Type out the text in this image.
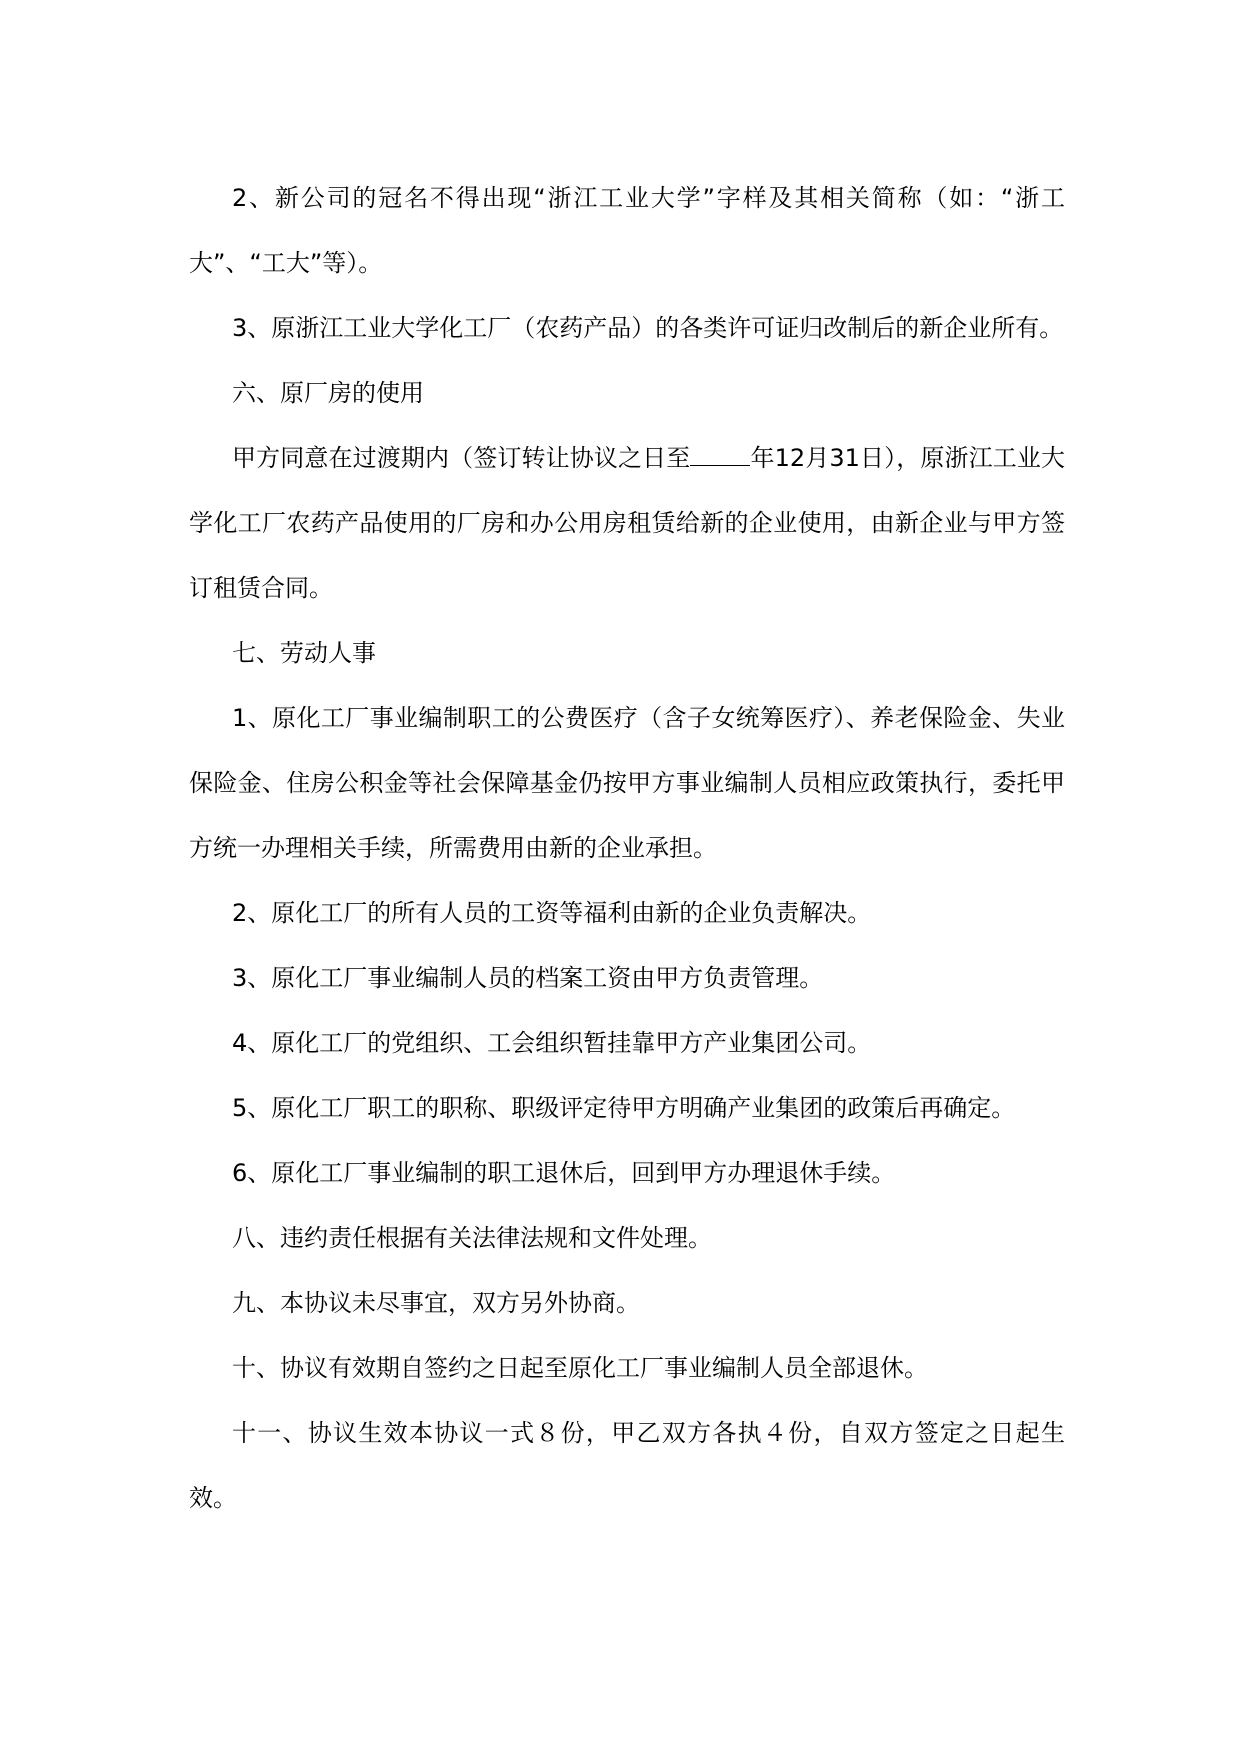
2、新公司的冠名不得出现“浙江工业大学”字样及其相关简称（如：“浙工大”、“工大”等）。

3、原浙江工业大学化工厂（农药产品）的各类许可证归改制后的新企业所有。

六、原厂房的使用

甲方同意在过渡期内（签订转让协议之日至	年12月31日），原浙江工业大学化工厂农药产品使用的厂房和办公用房租赁给新的企业使用，由新企业与甲方签订租赁合同。

七、劳动人事

1、原化工厂事业编制职工的公费医疗（含子女统筹医疗）、养老保险金、失业保险金、住房公积金等社会保障基金仍按甲方事业编制人员相应政策执行，委托甲方统一办理相关手续，所需费用由新的企业承担。

2、原化工厂的所有人员的工资等福利由新的企业负责解决。

3、原化工厂事业编制人员的档案工资由甲方负责管理。

4、原化工厂的党组织、工会组织暂挂靠甲方产业集团公司。

5、原化工厂职工的职称、职级评定待甲方明确产业集团的政策后再确定。

6、原化工厂事业编制的职工退休后，回到甲方办理退休手续。

八、违约责任根据有关法律法规和文件处理。

九、本协议未尽事宜，双方另外协商。

十、协议有效期自签约之日起至原化工厂事业编制人员全部退休。

十一、协议生效本协议一式８份，甲乙双方各执４份，自双方签定之日起生效。
